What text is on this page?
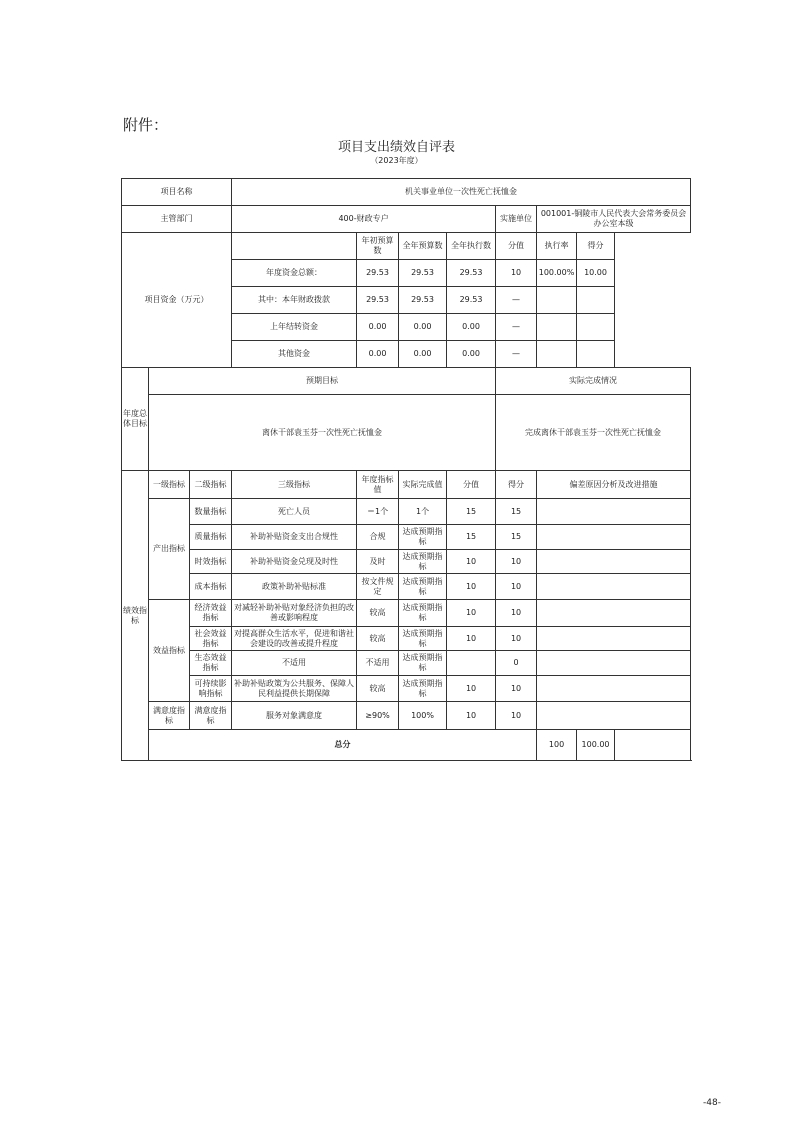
附件：
项目支出绩效自评表
（2023年度）
项目名称			机关事业单位一次性死亡抚恤金							
主管部门			400-财政专户				实施单位	001001-铜陵市人民代表大会常务委员会办公室本级		
项目资金（万元）				年初预算数	全年预算数	全年执行数	分值	执行率	得分	
			年度资金总额：	29.53	29.53	29.53	10	100.00%	10.00	
			其中：本年财政拨款	29.53	29.53	29.53	—			
			上年结转资金	0.00	0.00	0.00	—			
			其他资金	0.00	0.00	0.00	—			
年度总体目标	预期目标						实际完成情况			
	离休干部袁玉芬一次性死亡抚恤金						完成离休干部袁玉芬一次性死亡抚恤金			
绩效指标	一级指标	二级指标	三级指标	年度指标值	实际完成值	分值	得分	偏差原因分析及改进措施		
	产出指标	数量指标	死亡人员	＝1个	1个	15	15			
		质量指标	补助补贴资金支出合规性	合规	达成预期指标	15	15			
		时效指标	补助补贴资金兑现及时性	及时	达成预期指标	10	10			
		成本指标	政策补助补贴标准	按文件规定	达成预期指标	10	10			
	效益指标	经济效益指标	对减轻补助补贴对象经济负担的改善或影响程度	较高	达成预期指标	10	10			
		社会效益指标	对提高群众生活水平，促进和谐社会建设的改善或提升程度	较高	达成预期指标	10	10			
		生态效益指标	不适用	不适用	达成预期指标		0			
		可持续影响指标	补助补贴政策为公共服务、保障人民利益提供长期保障	较高	达成预期指标	10	10			
	满意度指标	满意度指标	服务对象满意度	≥90%	100%	10	10			
	总分							100	100.00	
-48-
